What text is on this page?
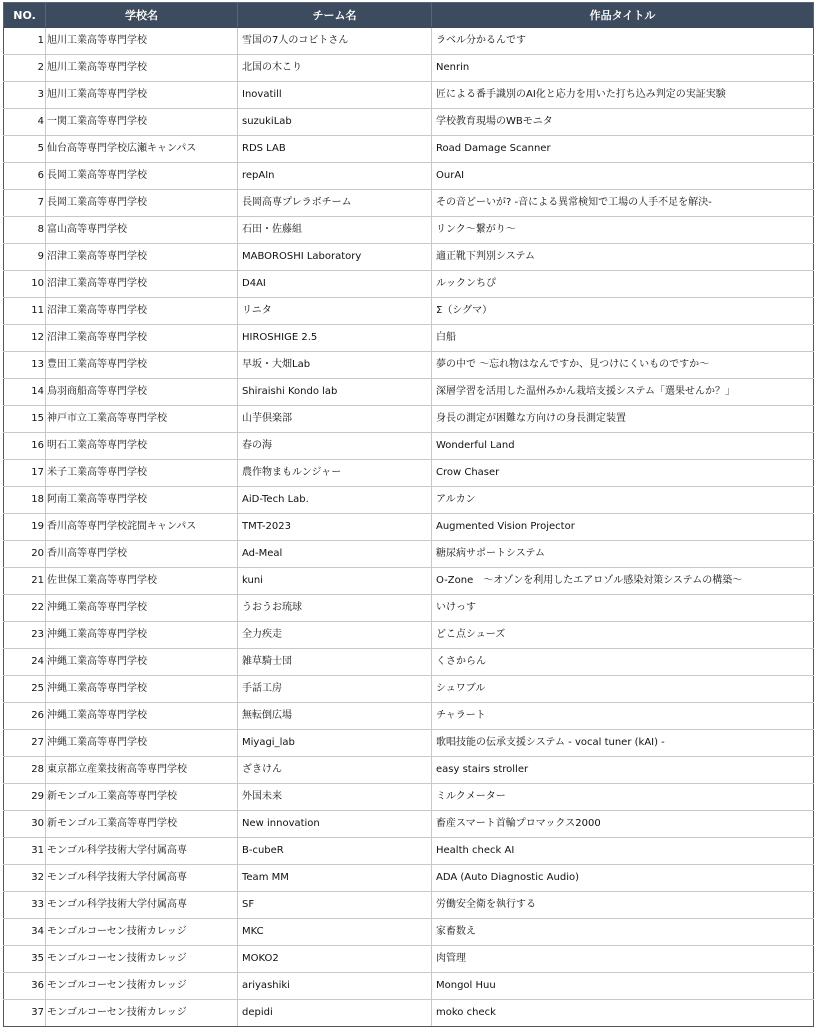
NO.	学校名	チーム名	作品タイトル
1	旭川工業高等専門学校	雪国の7人のコビトさん	ラベル分かるんです
2	旭川工業高等専門学校	北国の木こり	Nenrin
3	旭川工業高等専門学校	Inovatill	匠による番手識別のAI化と応力を用いた打ち込み判定の実証実験
4	一関工業高等専門学校	suzukiLab	学校教育現場のWBモニタ
5	仙台高等専門学校広瀬キャンパス	RDS LAB	Road Damage Scanner
6	長岡工業高等専門学校	repAIn	OurAI
7	長岡工業高等専門学校	長岡高専プレラボチーム	その音どーいが? -音による異常検知で工場の人手不足を解決-
8	富山高等専門学校	石田・佐藤組	リンク〜繋がり〜
9	沼津工業高等専門学校	MABOROSHI Laboratory	適正靴下判別システム
10	沼津工業高等専門学校	D4AI	ルックンちぴ
11	沼津工業高等専門学校	リニタ	Σ（シグマ）
12	沼津工業高等専門学校	HIROSHIGE 2.5	白船
13	豊田工業高等専門学校	早坂・大畑Lab	夢の中で 〜忘れ物はなんですか、見つけにくいものですか〜
14	鳥羽商船高等専門学校	Shiraishi Kondo lab	深層学習を活用した温州みかん栽培支援システム「選果せんか？」
15	神戸市立工業高等専門学校	山芋倶楽部	身長の測定が困難な方向けの身長測定装置
16	明石工業高等専門学校	春の海	Wonderful Land
17	米子工業高等専門学校	農作物まもルンジャー	Crow Chaser
18	阿南工業高等専門学校	AiD-Tech Lab.	アルカン
19	香川高等専門学校詫間キャンパス	TMT-2023	Augmented Vision Projector
20	香川高等専門学校	Ad-Meal	糖尿病サポートシステム
21	佐世保工業高等専門学校	kuni	O-Zone　〜オゾンを利用したエアロゾル感染対策システムの構築〜
22	沖縄工業高等専門学校	うおうお琉球	いけっす
23	沖縄工業高等専門学校	全力疾走	どこ点シューズ
24	沖縄工業高等専門学校	雑草騎士団	くさからん
25	沖縄工業高等専門学校	手話工房	シュワブル
26	沖縄工業高等専門学校	無転倒広場	チャラート
27	沖縄工業高等専門学校	Miyagi_lab	歌唱技能の伝承支援システム - vocal tuner (kAI) -
28	東京都立産業技術高等専門学校	ざきけん	easy stairs stroller
29	新モンゴル工業高等専門学校	外国未来	ミルクメーター
30	新モンゴル工業高等専門学校	New innovation	畜産スマート首輪プロマックス2000
31	モンゴル科学技術大学付属高専	B-cubeR	Health check AI
32	モンゴル科学技術大学付属高専	Team MM	ADA (Auto Diagnostic Audio)
33	モンゴル科学技術大学付属高専	SF	労働安全衛を執行する
34	モンゴルコーセン技術カレッジ	MKC	家畜数え
35	モンゴルコーセン技術カレッジ	MOKO2	肉管理
36	モンゴルコーセン技術カレッジ	ariyashiki	Mongol Huu
37	モンゴルコーセン技術カレッジ	depidi	moko check
